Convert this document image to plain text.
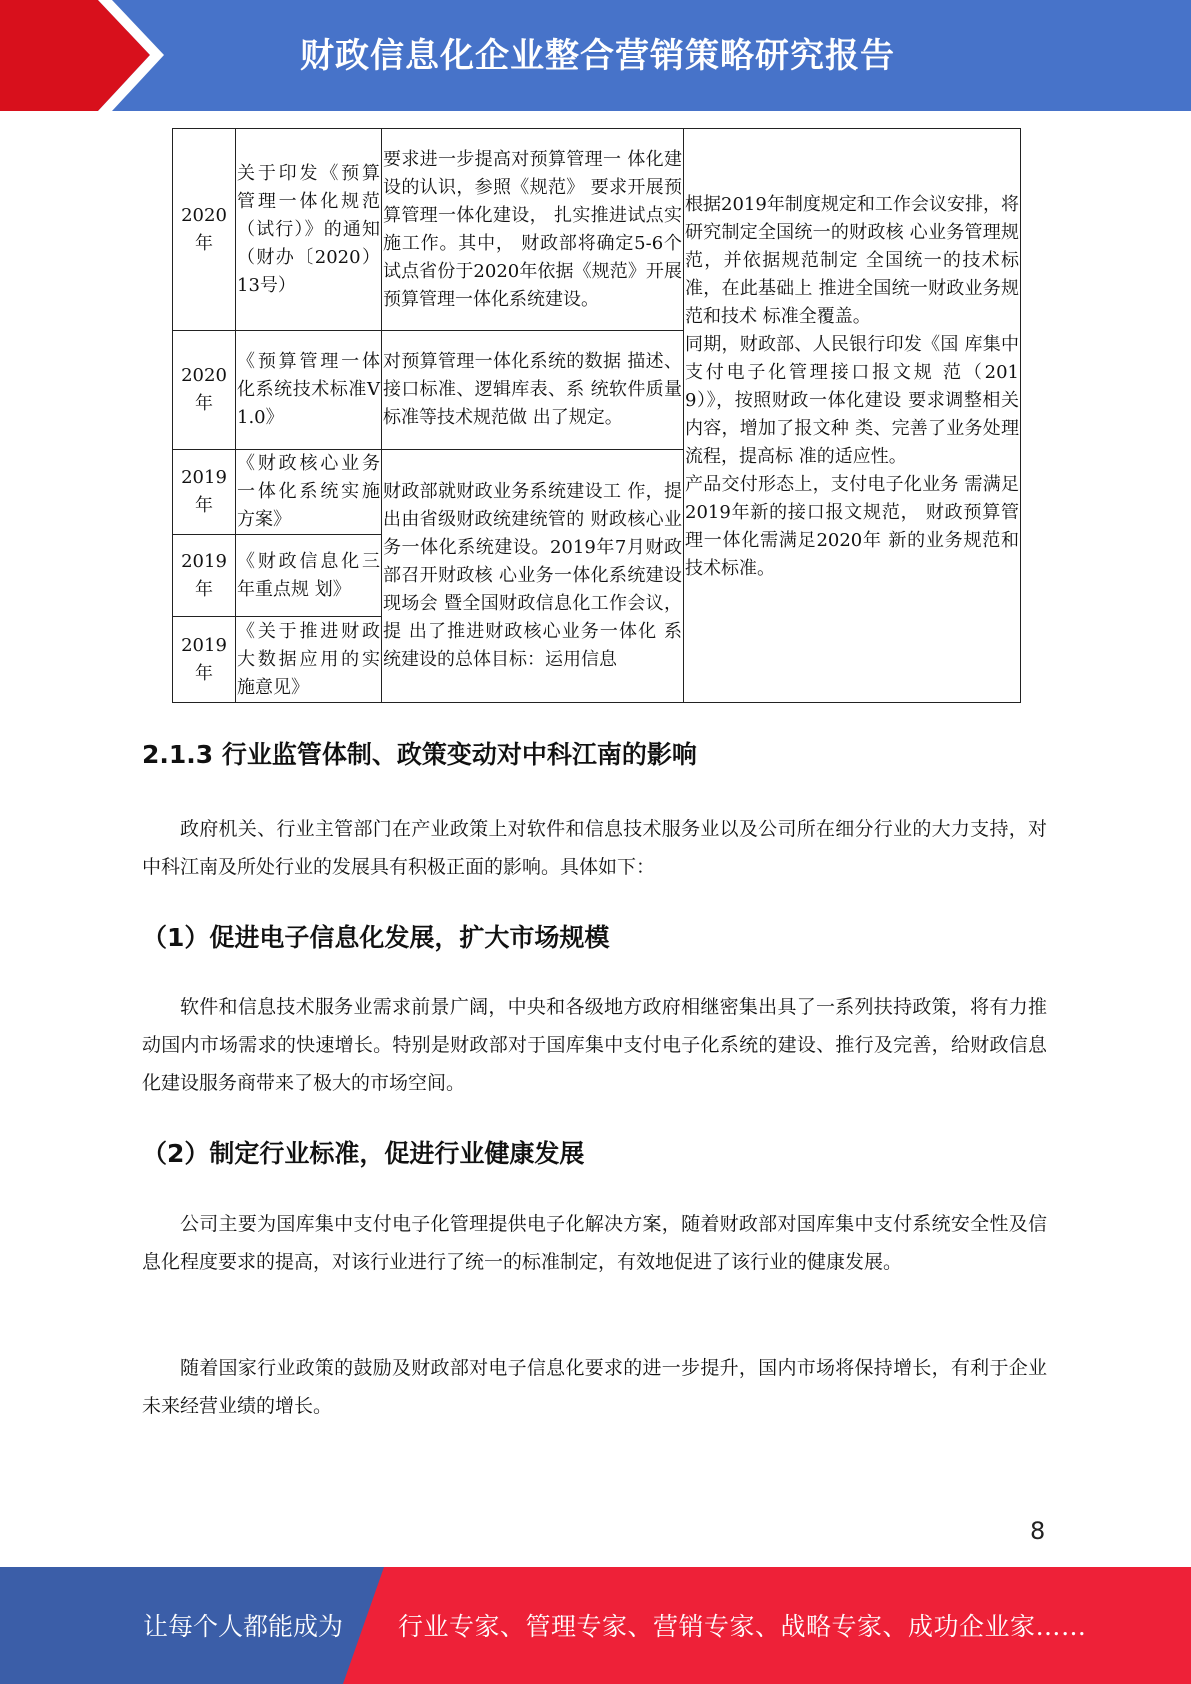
财政信息化企业整合营销策略研究报告
2020年	关于印发《预算管理一体化规范（试行）》的通知（财办〔2020）13号）	要求进一步提高对预算管理一 体化建设的认识，参照《规范》 要求开展预算管理一体化建设， 扎实推进试点实施工作。其中， 财政部将确定5-6个试点省份于2020年依据《规范》开展预算管理一体化系统建设。	根据2019年制度规定和工作会议安排，将研究制定全国统一的财政核 心业务管理规范，并依据规范制定 全国统一的技术标准，在此基础上 推进全国统一财政业务规范和技术 标准全覆盖。

同期，财政部、人民银行印发《国 库集中支付电子化管理接口报文规 范（2019）》，按照财政一体化建设 要求调整相关内容，增加了报文种 类、完善了业务处理流程，提高标 准的适应性。

产品交付形态上，支付电子化业务 需满足2019年新的接口报文规范， 财政预算管理一体化需满足2020年 新的业务规范和技术标准。

2020年	《预算管理一体化系统技术标准V1.0》	对预算管理一体化系统的数据 描述、接口标准、逻辑库表、系 统软件质量标准等技术规范做 出了规定。	

2019年	《财政核心业务一体化系统实施方案》	财政部就财政业务系统建设工 作，提出由省级财政统建统管的 财政核心业务一体化系统建设。2019年7月财政部召开财政核 心业务一体化系统建设现场会 暨全国财政信息化工作会议，提 出了推进财政核心业务一体化 系统建设的总体目标：运用信息	

2019年	《财政信息化三年重点规 划》		

2019年	《关于推进财政大数据应用的实施意见》		
2.1.3 行业监管体制、政策变动对中科江南的影响

政府机关、行业主管部门在产业政策上对软件和信息技术服务业以及公司所在细分行业的大力支持，对中科江南及所处行业的发展具有积极正面的影响。具体如下：

（1）促进电子信息化发展，扩大市场规模

软件和信息技术服务业需求前景广阔，中央和各级地方政府相继密集出具了一系列扶持政策，将有力推动国内市场需求的快速增长。特别是财政部对于国库集中支付电子化系统的建设、推行及完善，给财政信息化建设服务商带来了极大的市场空间。

（2）制定行业标准，促进行业健康发展

公司主要为国库集中支付电子化管理提供电子化解决方案，随着财政部对国库集中支付系统安全性及信息化程度要求的提高，对该行业进行了统一的标准制定，有效地促进了该行业的健康发展。

随着国家行业政策的鼓励及财政部对电子信息化要求的进一步提升，国内市场将保持增长，有利于企业未来经营业绩的增长。

8
让每个人都能成为 行业专家、管理专家、营销专家、战略专家、成功企业家……
